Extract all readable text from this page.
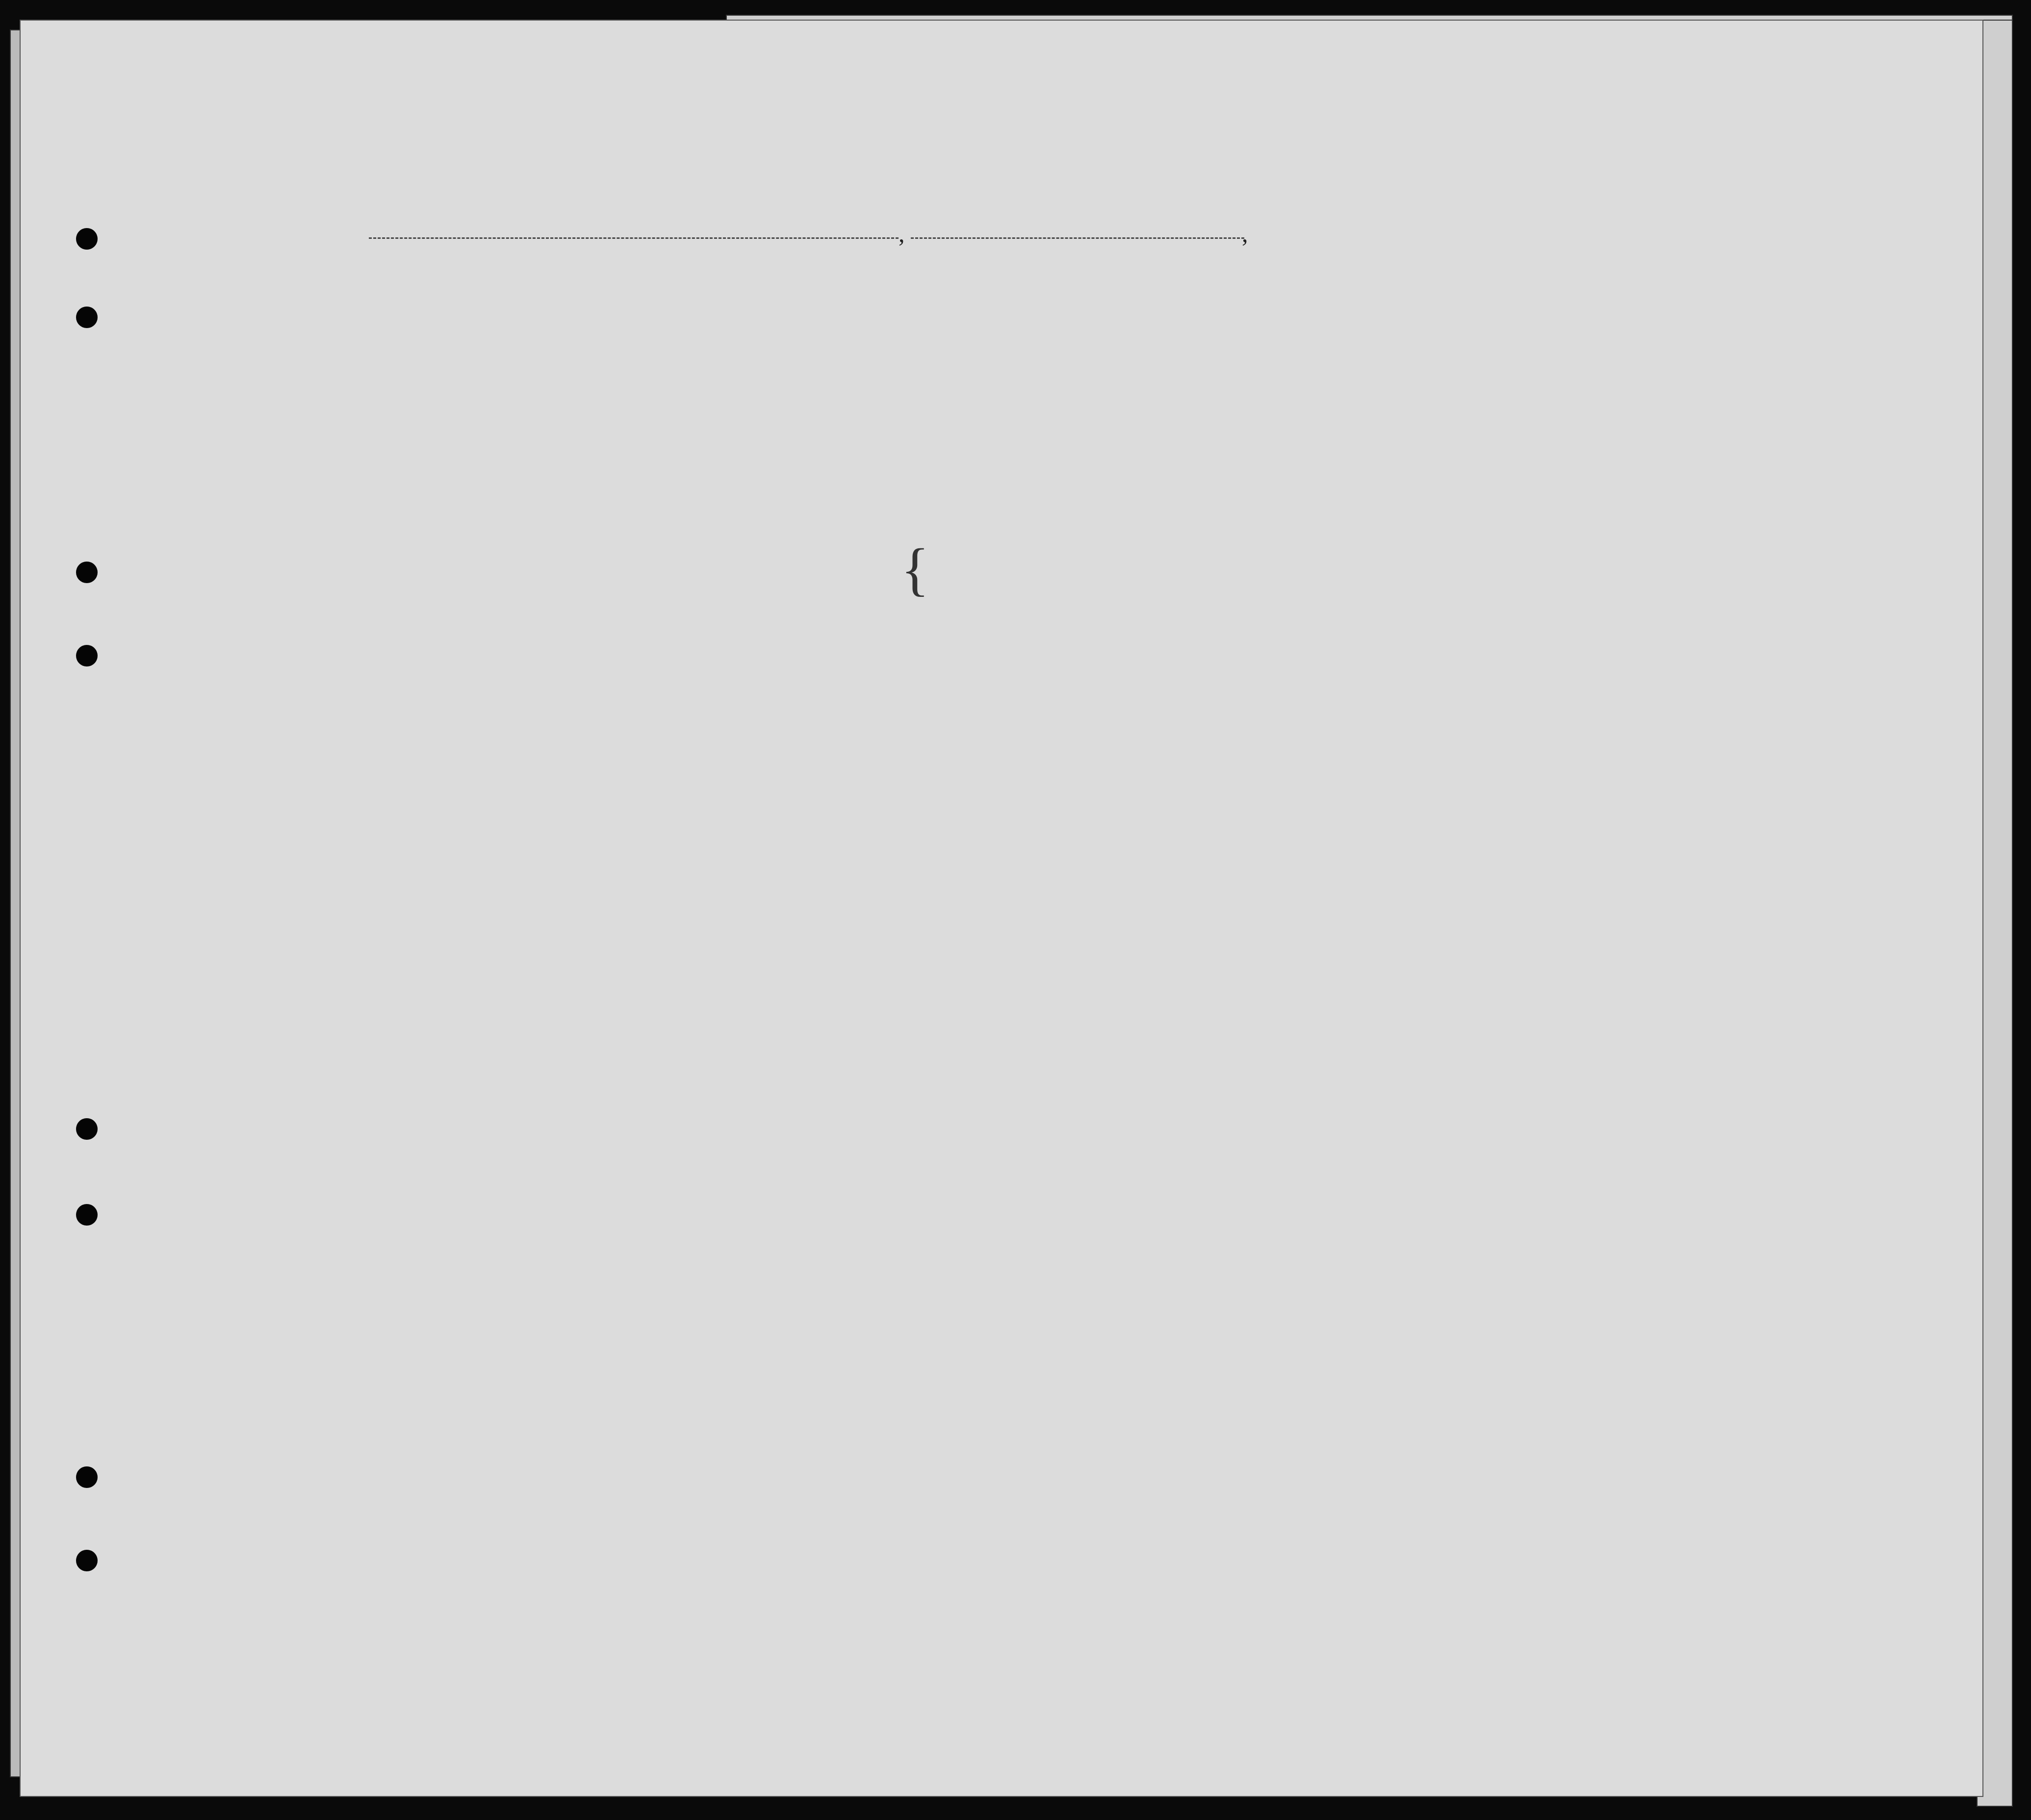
,	,
{
